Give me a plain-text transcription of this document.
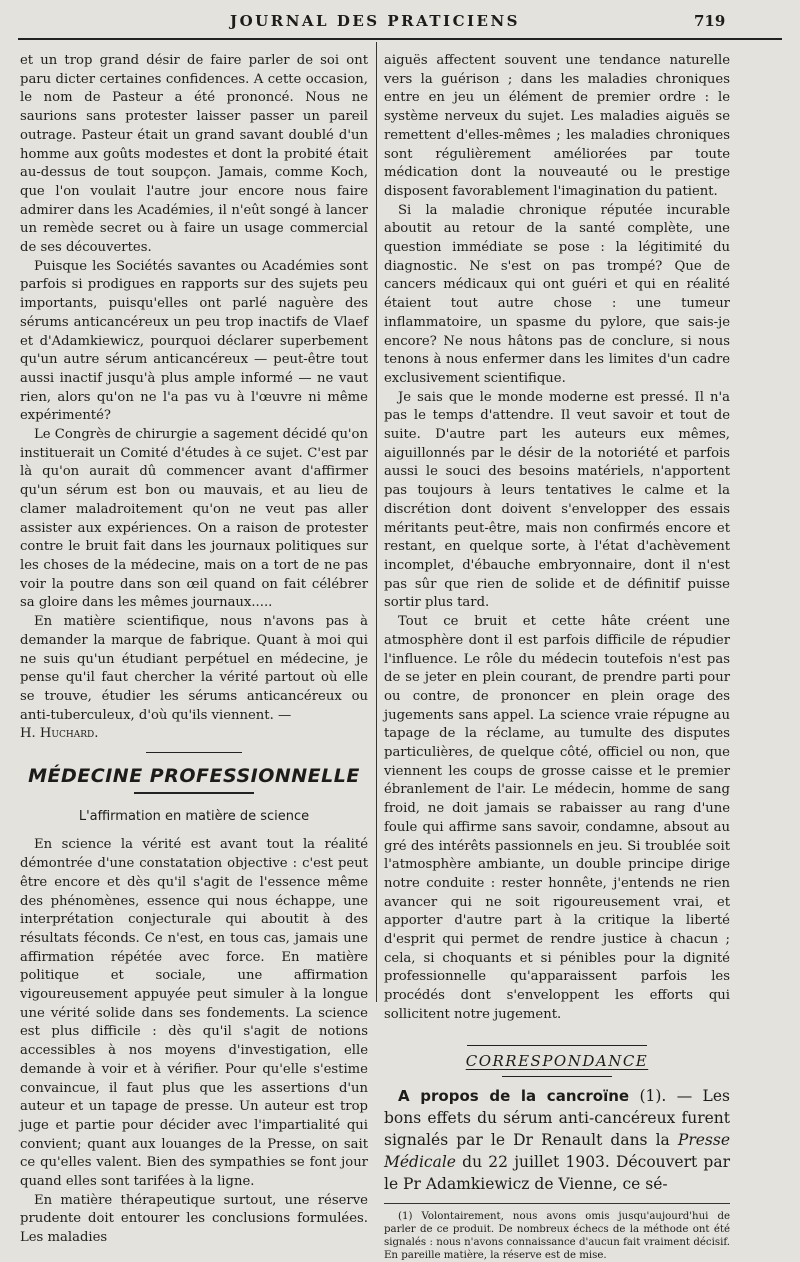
JOURNAL DES PRATICIENS	719

et un trop grand désir de faire parler de soi ont paru dicter certaines confidences. A cette occasion, le nom de Pasteur a été prononcé. Nous ne saurions sans protester laisser passer un pareil outrage. Pasteur était un grand savant doublé d'un homme aux goûts modestes et dont la probité était au-dessus de tout soupçon. Jamais, comme Koch, que l'on voulait l'autre jour encore nous faire admirer dans les Académies, il n'eût songé à lancer un remède secret ou à faire un usage commercial de ses découvertes.

Puisque les Sociétés savantes ou Académies sont parfois si prodigues en rapports sur des sujets peu importants, puisqu'elles ont parlé naguère des sérums anticancéreux un peu trop inactifs de Vlaef et d'Adamkiewicz, pourquoi déclarer superbement qu'un autre sérum anticancéreux — peut-être tout aussi inactif jusqu'à plus ample informé — ne vaut rien, alors qu'on ne l'a pas vu à l'œuvre ni même expérimenté?

Le Congrès de chirurgie a sagement décidé qu'on instituerait un Comité d'études à ce sujet. C'est par là qu'on aurait dû commencer avant d'affirmer qu'un sérum est bon ou mauvais, et au lieu de clamer maladroitement qu'on ne veut pas aller assister aux expériences. On a raison de protester contre le bruit fait dans les journaux politiques sur les choses de la médecine, mais on a tort de ne pas voir la poutre dans son œil quand on fait célébrer sa gloire dans les mêmes journaux.....

En matière scientifique, nous n'avons pas à demander la marque de fabrique. Quant à moi qui ne suis qu'un étudiant perpétuel en médecine, je pense qu'il faut chercher la vérité partout où elle se trouve, étudier les sérums anticancéreux ou anti-tuberculeux, d'où qu'ils viennent. —

H. Huchard.

MÉDECINE PROFESSIONNELLE
L'affirmation en matière de science

En science la vérité est avant tout la réalité démontrée d'une constatation objective : c'est peut être encore et dès qu'il s'agit de l'essence même des phénomènes, essence qui nous échappe, une interprétation conjecturale qui aboutit à des résultats féconds. Ce n'est, en tous cas, jamais une affirmation répétée avec force. En matière politique et sociale, une affirmation vigoureusement appuyée peut simuler à la longue une vérité solide dans ses fondements. La science est plus difficile : dès qu'il s'agit de notions accessibles à nos moyens d'investigation, elle demande à voir et à vérifier. Pour qu'elle s'estime convaincue, il faut plus que les assertions d'un auteur et un tapage de presse. Un auteur est trop juge et partie pour décider avec l'impartialité qui convient; quant aux louanges de la Presse, on sait ce qu'elles valent. Bien des sympathies se font jour quand elles sont tarifées à la ligne.

En matière thérapeutique surtout, une réserve prudente doit entourer les conclusions formulées. Les maladies

aiguës affectent souvent une tendance naturelle vers la guérison ; dans les maladies chroniques entre en jeu un élément de premier ordre : le système nerveux du sujet. Les maladies aiguës se remettent d'elles-mêmes ; les maladies chroniques sont régulièrement améliorées par toute médication dont la nouveauté ou le prestige disposent favorablement l'imagination du patient.

Si la maladie chronique réputée incurable aboutit au retour de la santé complète, une question immédiate se pose : la légitimité du diagnostic. Ne s'est on pas trompé? Que de cancers médicaux qui ont guéri et qui en réalité étaient tout autre chose : une tumeur inflammatoire, un spasme du pylore, que sais-je encore? Ne nous hâtons pas de conclure, si nous tenons à nous enfermer dans les limites d'un cadre exclusivement scientifique.

Je sais que le monde moderne est pressé. Il n'a pas le temps d'attendre. Il veut savoir et tout de suite. D'autre part les auteurs eux mêmes, aiguillonnés par le désir de la notoriété et parfois aussi le souci des besoins matériels, n'apportent pas toujours à leurs tentatives le calme et la discrétion dont doivent s'envelopper des essais méritants peut-être, mais non confirmés encore et restant, en quelque sorte, à l'état d'achèvement incomplet, d'ébauche embryonnaire, dont il n'est pas sûr que rien de solide et de définitif puisse sortir plus tard.

Tout ce bruit et cette hâte créent une atmosphère dont il est parfois difficile de répudier l'influence. Le rôle du médecin toutefois n'est pas de se jeter en plein courant, de prendre parti pour ou contre, de prononcer en plein orage des jugements sans appel. La science vraie répugne au tapage de la réclame, au tumulte des disputes particulières, de quelque côté, officiel ou non, que viennent les coups de grosse caisse et le premier ébranlement de l'air. Le médecin, homme de sang froid, ne doit jamais se rabaisser au rang d'une foule qui affirme sans savoir, condamne, absout au gré des intérêts passionnels en jeu. Si troublée soit l'atmosphère ambiante, un double principe dirige notre conduite : rester honnête, j'entends ne rien avancer qui ne soit rigoureusement vrai, et apporter d'autre part à la critique la liberté d'esprit qui permet de rendre justice à chacun ; cela, si choquants et si pénibles pour la dignité professionnelle qu'apparaissent parfois les procédés dont s'enveloppent les efforts qui sollicitent notre jugement.

CORRESPONDANCE

A propos de la cancroïne (1). — Les bons effets du sérum anti-cancéreux furent signalés par le Dr Renault dans la Presse Médicale du 22 juillet 1903. Découvert par le Pr Adamkiewicz de Vienne, ce sé-

(1) Volontairement, nous avons omis jusqu'aujourd'hui de parler de ce produit. De nombreux échecs de la méthode ont été signalés : nous n'avons connaissance d'aucun fait vraiment décisif. En pareille matière, la réserve est de mise.
